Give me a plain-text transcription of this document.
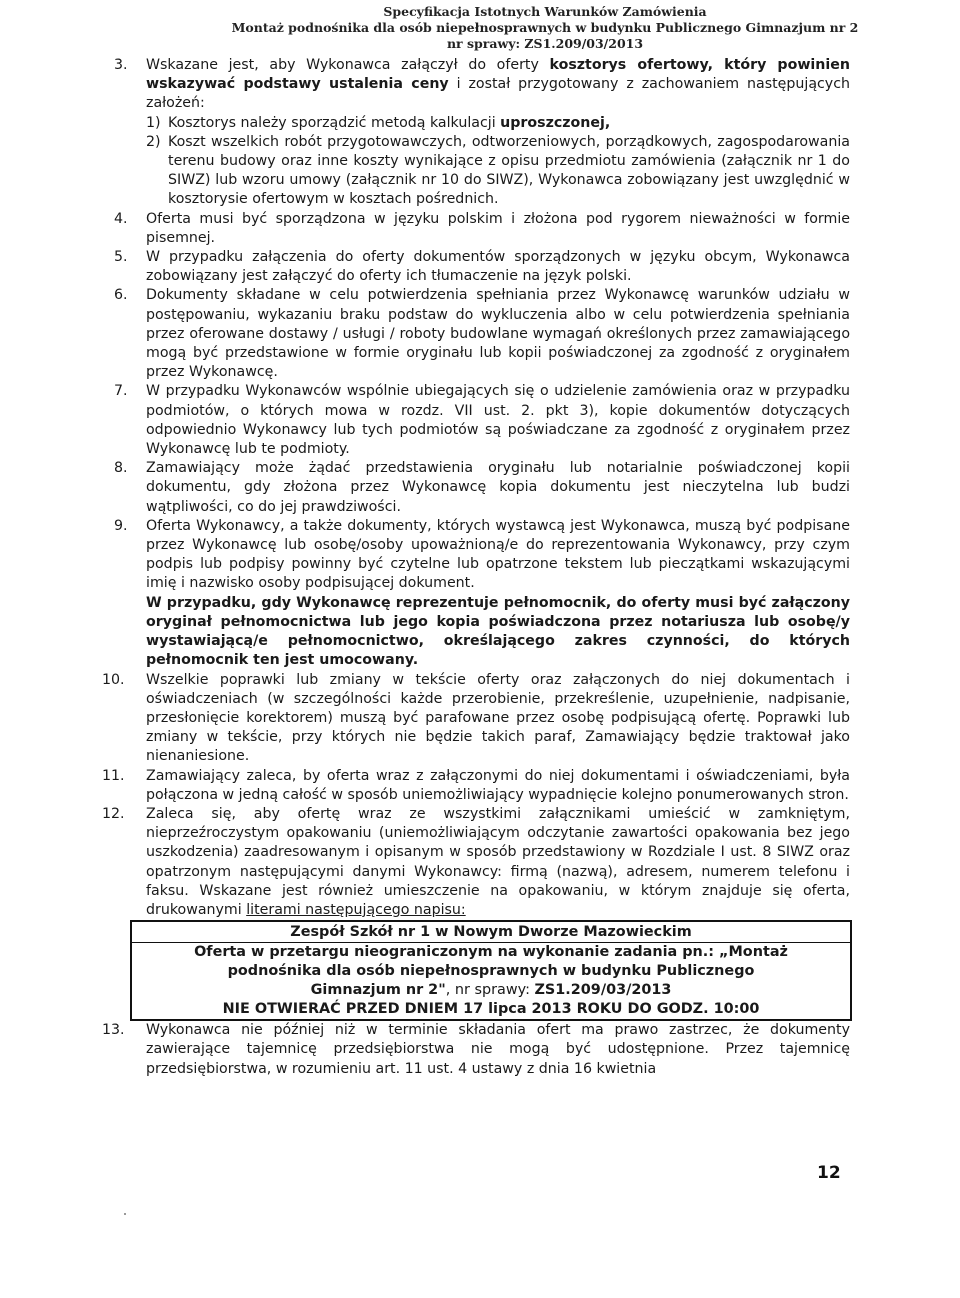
Specyfikacja Istotnych Warunków Zamówienia
Montaż podnośnika dla osób niepełnosprawnych w budynku Publicznego Gimnazjum nr 2
nr sprawy: ZS1.209/03/2013
3.	Wskazane jest, aby Wykonawca załączył do oferty kosztorys ofertowy, który powinien wskazywać podstawy ustalenia ceny i został przygotowany z zachowaniem następujących założeń:
1) Kosztorys należy sporządzić metodą kalkulacji uproszczonej,
2) Koszt wszelkich robót przygotowawczych, odtworzeniowych, porządkowych, zagospodarowania terenu budowy oraz inne koszty wynikające z opisu przedmiotu zamówienia (załącznik nr 1 do SIWZ) lub wzoru umowy (załącznik nr 10 do SIWZ), Wykonawca zobowiązany jest uwzględnić w kosztorysie ofertowym w kosztach pośrednich.
4.	Oferta musi być sporządzona w języku polskim i złożona pod rygorem nieważności w formie pisemnej.
5.	W przypadku załączenia do oferty dokumentów sporządzonych w języku obcym, Wykonawca zobowiązany jest załączyć do oferty ich tłumaczenie na język polski.
6.	Dokumenty składane w celu potwierdzenia spełniania przez Wykonawcę warunków udziału w postępowaniu, wykazaniu braku podstaw do wykluczenia albo w celu potwierdzenia spełniania przez oferowane dostawy / usługi / roboty budowlane wymagań określonych przez zamawiającego mogą być przedstawione w formie oryginału lub kopii poświadczonej za zgodność z oryginałem przez Wykonawcę.
7.	W przypadku Wykonawców wspólnie ubiegających się o udzielenie zamówienia oraz w przypadku podmiotów, o których mowa w rozdz. VII ust. 2. pkt 3), kopie dokumentów dotyczących odpowiednio Wykonawcy lub tych podmiotów są poświadczane za zgodność z oryginałem przez Wykonawcę lub te podmioty.
8.	Zamawiający może żądać przedstawienia oryginału lub notarialnie poświadczonej kopii dokumentu, gdy złożona przez Wykonawcę kopia dokumentu jest nieczytelna lub budzi wątpliwości, co do jej prawdziwości.
9.	Oferta Wykonawcy, a także dokumenty, których wystawcą jest Wykonawca, muszą być podpisane przez Wykonawcę lub osobę/osoby upoważnioną/e do reprezentowania Wykonawcy, przy czym podpis lub podpisy powinny być czytelne lub opatrzone tekstem lub pieczątkami wskazującymi imię i nazwisko osoby podpisującej dokument.
W przypadku, gdy Wykonawcę reprezentuje pełnomocnik, do oferty musi być załączony oryginał pełnomocnictwa lub jego kopia poświadczona przez notariusza lub osobę/y wystawiającą/e pełnomocnictwo, określającego zakres czynności, do których pełnomocnik ten jest umocowany.
10.	Wszelkie poprawki lub zmiany w tekście oferty oraz załączonych do niej dokumentach i oświadczeniach (w szczególności każde przerobienie, przekreślenie, uzupełnienie, nadpisanie, przesłonięcie korektorem) muszą być parafowane przez osobę podpisującą ofertę. Poprawki lub zmiany w tekście, przy których nie będzie takich paraf, Zamawiający będzie traktował jako nienaniesione.
11.	Zamawiający zaleca, by oferta wraz z załączonymi do niej dokumentami i oświadczeniami, była połączona w jedną całość w sposób uniemożliwiający wypadnięcie kolejno ponumerowanych stron.
12.	Zaleca się, aby ofertę wraz ze wszystkimi załącznikami umieścić w zamkniętym, nieprzeźroczystym opakowaniu (uniemożliwiającym odczytanie zawartości opakowania bez jego uszkodzenia) zaadresowanym i opisanym w sposób przedstawiony w Rozdziale I ust. 8 SIWZ oraz opatrzonym następującymi danymi Wykonawcy: firmą (nazwą), adresem, numerem telefonu i faksu. Wskazane jest również umieszczenie na opakowaniu, w którym znajduje się oferta, drukowanymi literami następującego napisu:
Zespół Szkół nr 1 w Nowym Dworze Mazowieckim
Oferta w przetargu nieograniczonym na wykonanie zadania pn.: „Montaż
podnośnika dla osób niepełnosprawnych w budynku Publicznego
Gimnazjum nr 2", nr sprawy: ZS1.209/03/2013
NIE OTWIERAĆ PRZED DNIEM 17 lipca 2013 ROKU DO GODZ. 10:00
13.	Wykonawca nie później niż w terminie składania ofert ma prawo zastrzec, że dokumenty zawierające tajemnicę przedsiębiorstwa nie mogą być udostępnione. Przez tajemnicę przedsiębiorstwa, w rozumieniu art. 11 ust. 4 ustawy z dnia 16 kwietnia
12
